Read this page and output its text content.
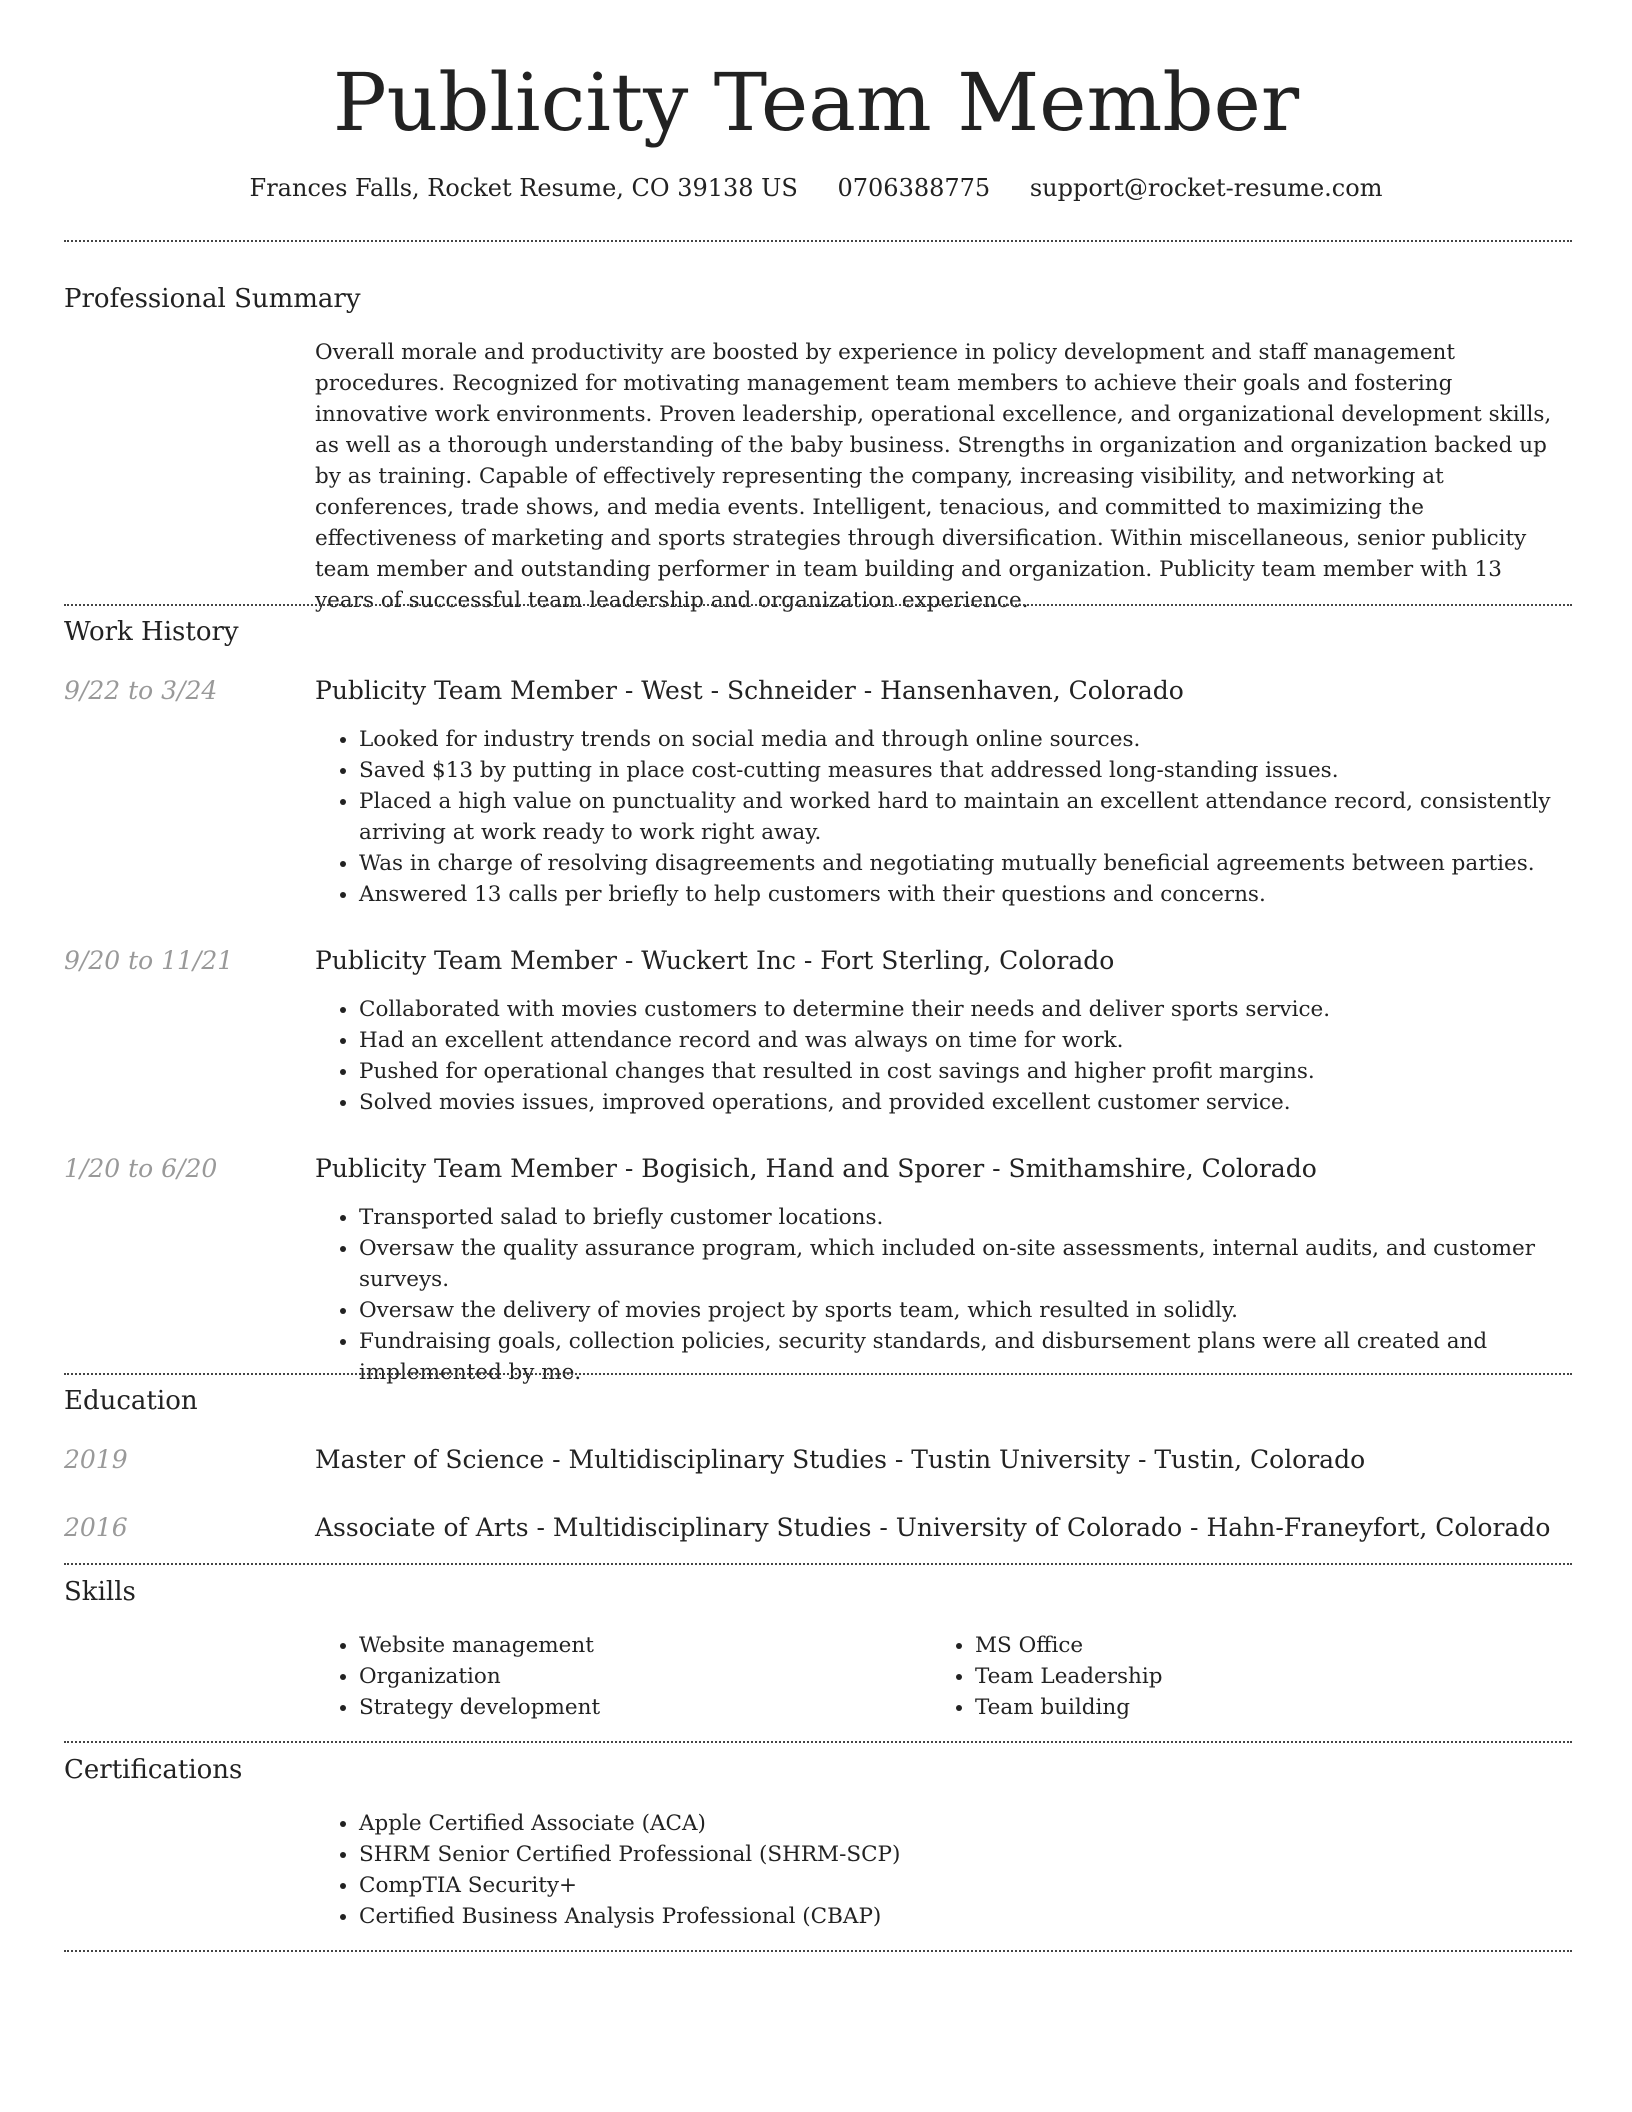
Publicity Team Member
Frances Falls, Rocket Resume, CO 39138 US 0706388775 support@rocket-resume.com
Professional Summary

Overall morale and productivity are boosted by experience in policy development and staff management procedures. Recognized for motivating management team members to achieve their goals and fostering innovative work environments. Proven leadership, operational excellence, and organizational development skills, as well as a thorough understanding of the baby business. Strengths in organization and organization backed up by as training. Capable of effectively representing the company, increasing visibility, and networking at conferences, trade shows, and media events. Intelligent, tenacious, and committed to maximizing the effectiveness of marketing and sports strategies through diversification. Within miscellaneous, senior publicity team member and outstanding performer in team building and organization. Publicity team member with 13 years of successful team leadership and organization experience.

Work History
9/22 to 3/24	Publicity Team Member - West - Schneider - Hansenhaven, Colorado
• Looked for industry trends on social media and through online sources.
• Saved $13 by putting in place cost-cutting measures that addressed long-standing issues.
• Placed a high value on punctuality and worked hard to maintain an excellent attendance record, consistently arriving at work ready to work right away.
• Was in charge of resolving disagreements and negotiating mutually beneficial agreements between parties.
• Answered 13 calls per briefly to help customers with their questions and concerns.
9/20 to 11/21	Publicity Team Member - Wuckert Inc - Fort Sterling, Colorado
• Collaborated with movies customers to determine their needs and deliver sports service.
• Had an excellent attendance record and was always on time for work.
• Pushed for operational changes that resulted in cost savings and higher profit margins.
• Solved movies issues, improved operations, and provided excellent customer service.
1/20 to 6/20	Publicity Team Member - Bogisich, Hand and Sporer - Smithamshire, Colorado
• Transported salad to briefly customer locations.
• Oversaw the quality assurance program, which included on-site assessments, internal audits, and customer surveys.
• Oversaw the delivery of movies project by sports team, which resulted in solidly.
• Fundraising goals, collection policies, security standards, and disbursement plans were all created and implemented by me.
Education
2019	Master of Science - Multidisciplinary Studies - Tustin University - Tustin, Colorado
2016	Associate of Arts - Multidisciplinary Studies - University of Colorado - Hahn-Franeyfort, Colorado
Skills
• Website management
• Organization
• Strategy development
• MS Office
• Team Leadership
• Team building
Certifications
• Apple Certified Associate (ACA)
• SHRM Senior Certified Professional (SHRM-SCP)
• CompTIA Security+
• Certified Business Analysis Professional (CBAP)
